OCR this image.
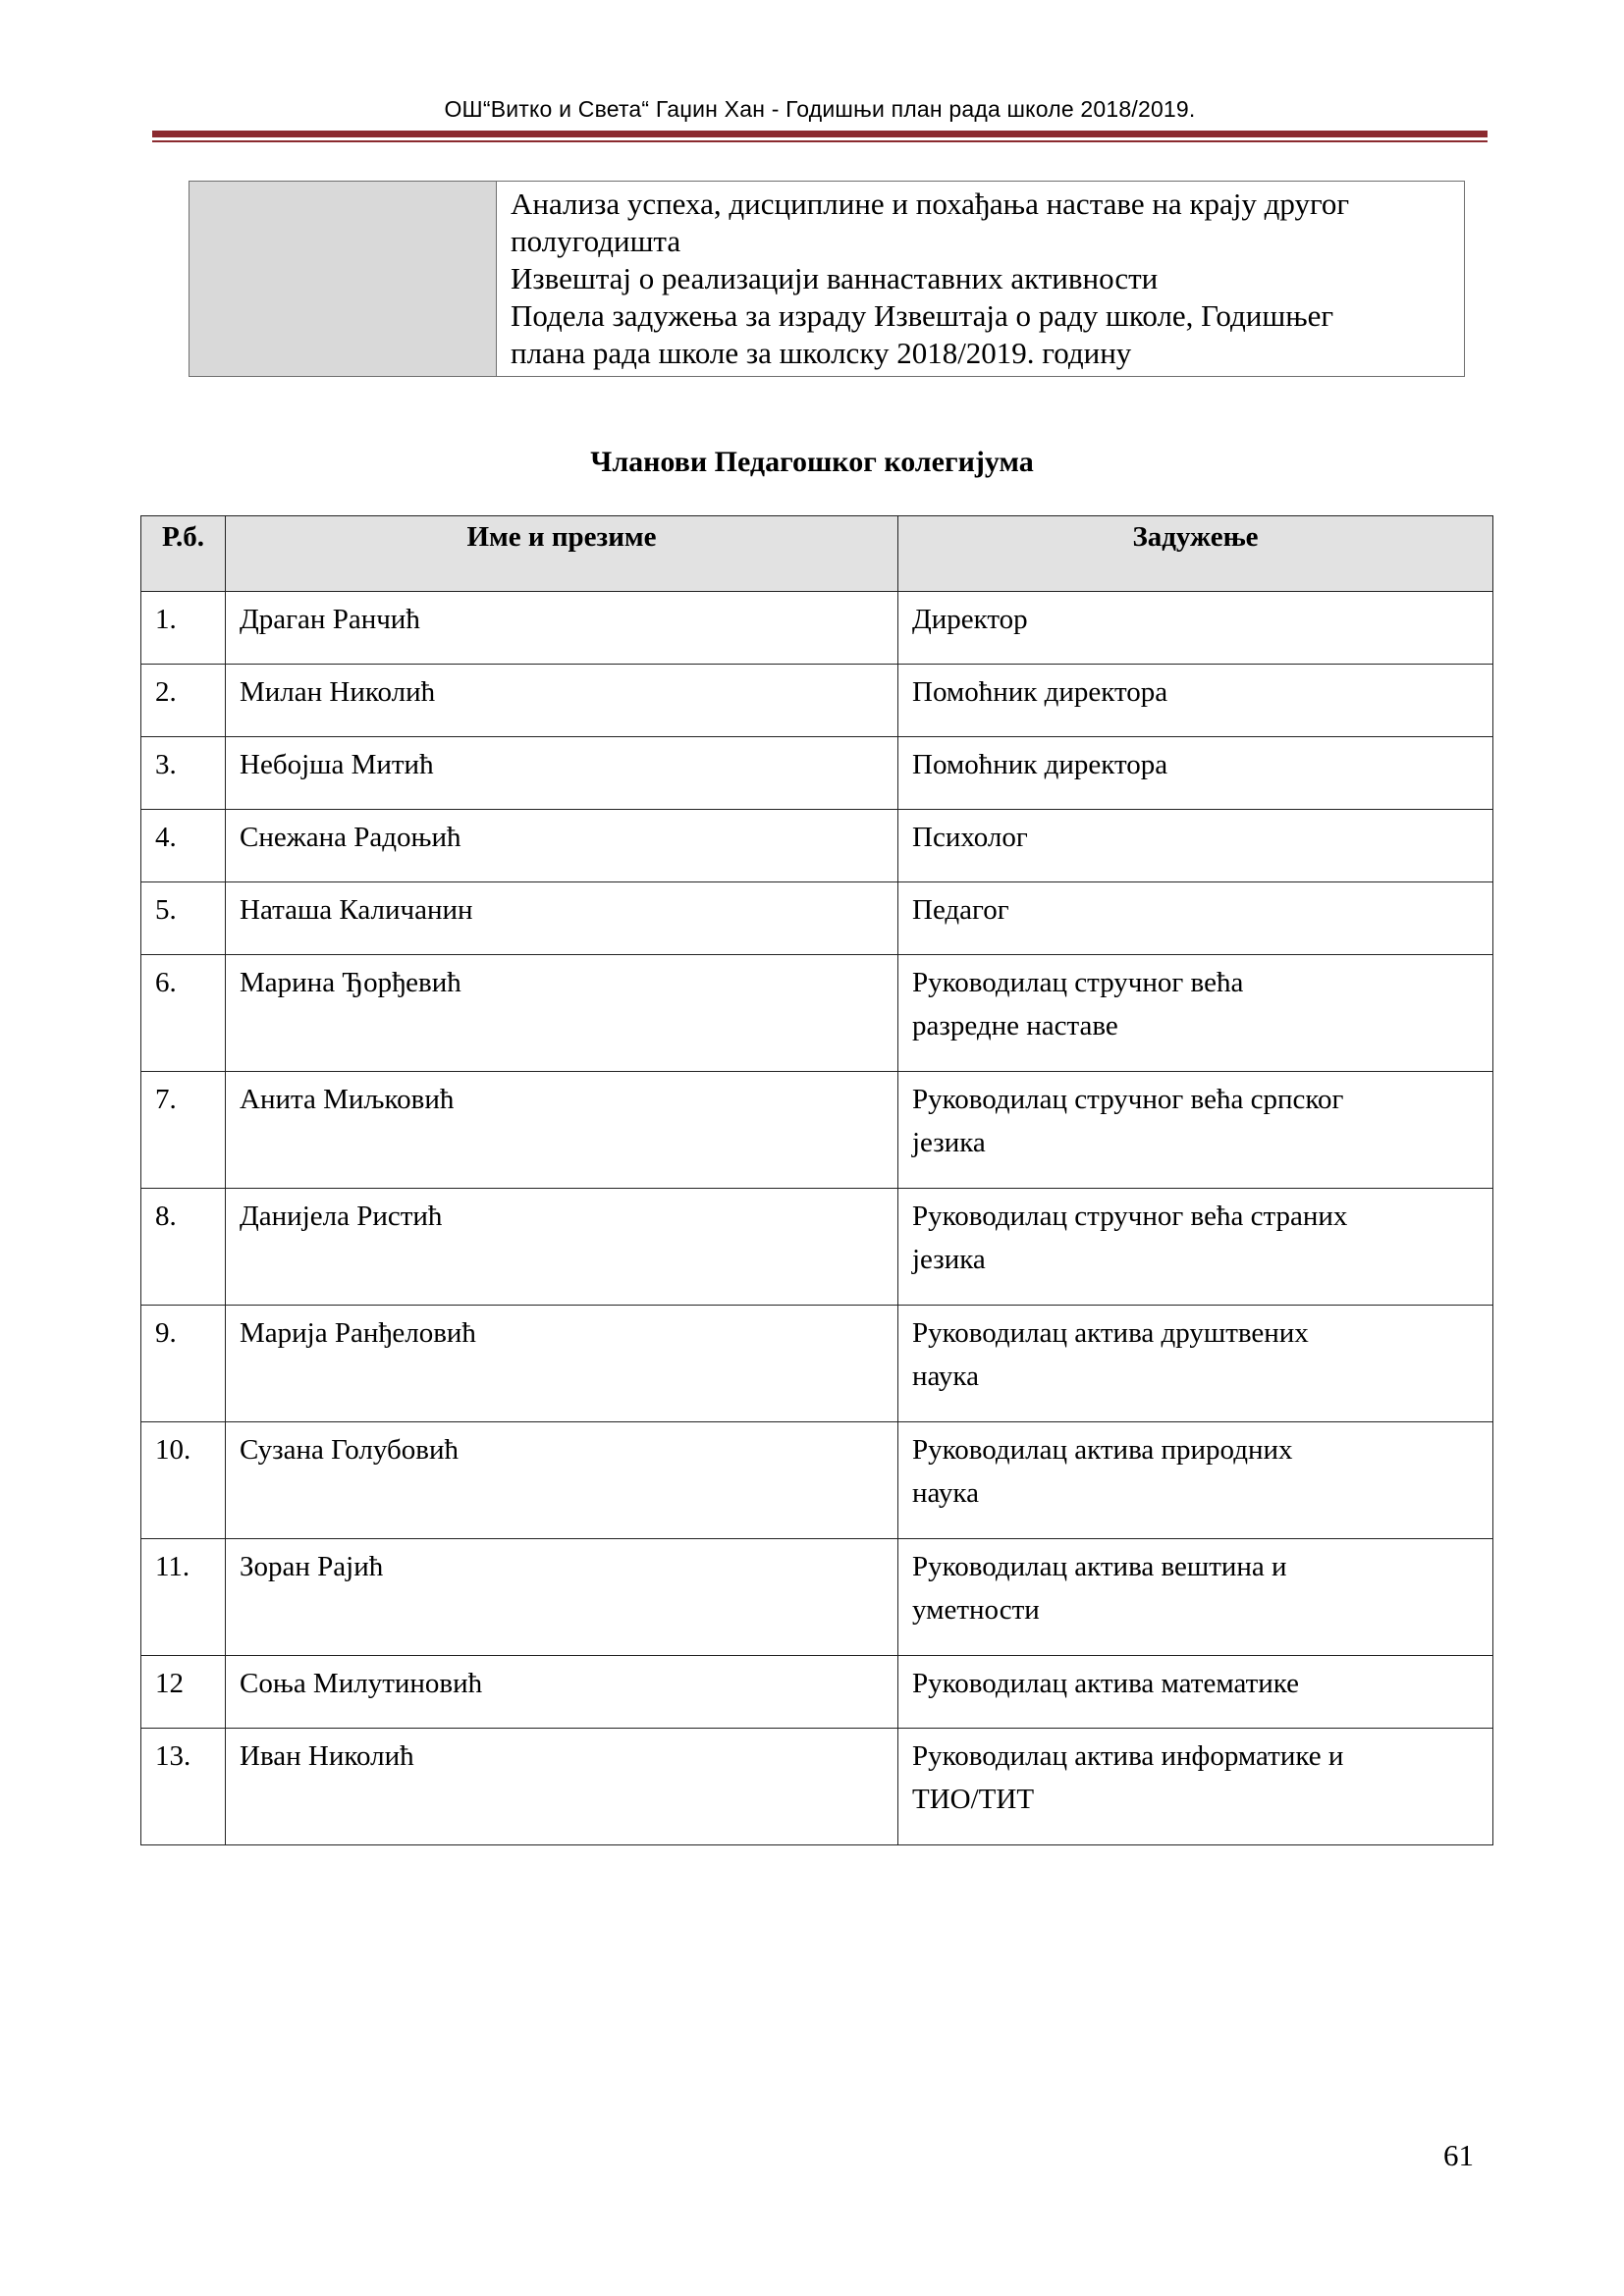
ОШ“Витко и Света“ Гаџин Хан - Годишњи план рада школе 2018/2019.

Анализа успеха, дисциплине и похађања наставе на крају другог
полугодишта
Извештај о реализацији ваннаставних активности
Подела задужења за израду Извештаја о раду школе, Годишњег
плана рада школе за школску 2018/2019. годину
Чланови Педагошког колегијума
Р.б.	Име и презиме	Задужење
1.	Драган Ранчић	Директор

2.	Милан Николић	Помоћник директора

3.	Небојша Митић	Помоћник директора

4.	Снежана Радоњић	Психолог

5.	Наташа Каличанин	Педагог

6.	Марина Ђорђевић	Руководилац стручног већа
разредне наставе

7.	Анита Миљковић	Руководилац стручног већа српског
језика

8.	Данијела Ристић	Руководилац стручног већа страних
језика

9.	Марија Ранђеловић	Руководилац актива друштвених
наука

10.	Сузана Голубовић	Руководилац актива природних
наука

11.	Зоран Рајић	Руководилац актива вештина и
уметности

12	Соња Милутиновић	Руководилац актива математике

13.	Иван Николић	Руководилац актива информатике и
ТИО/ТИТ
61
